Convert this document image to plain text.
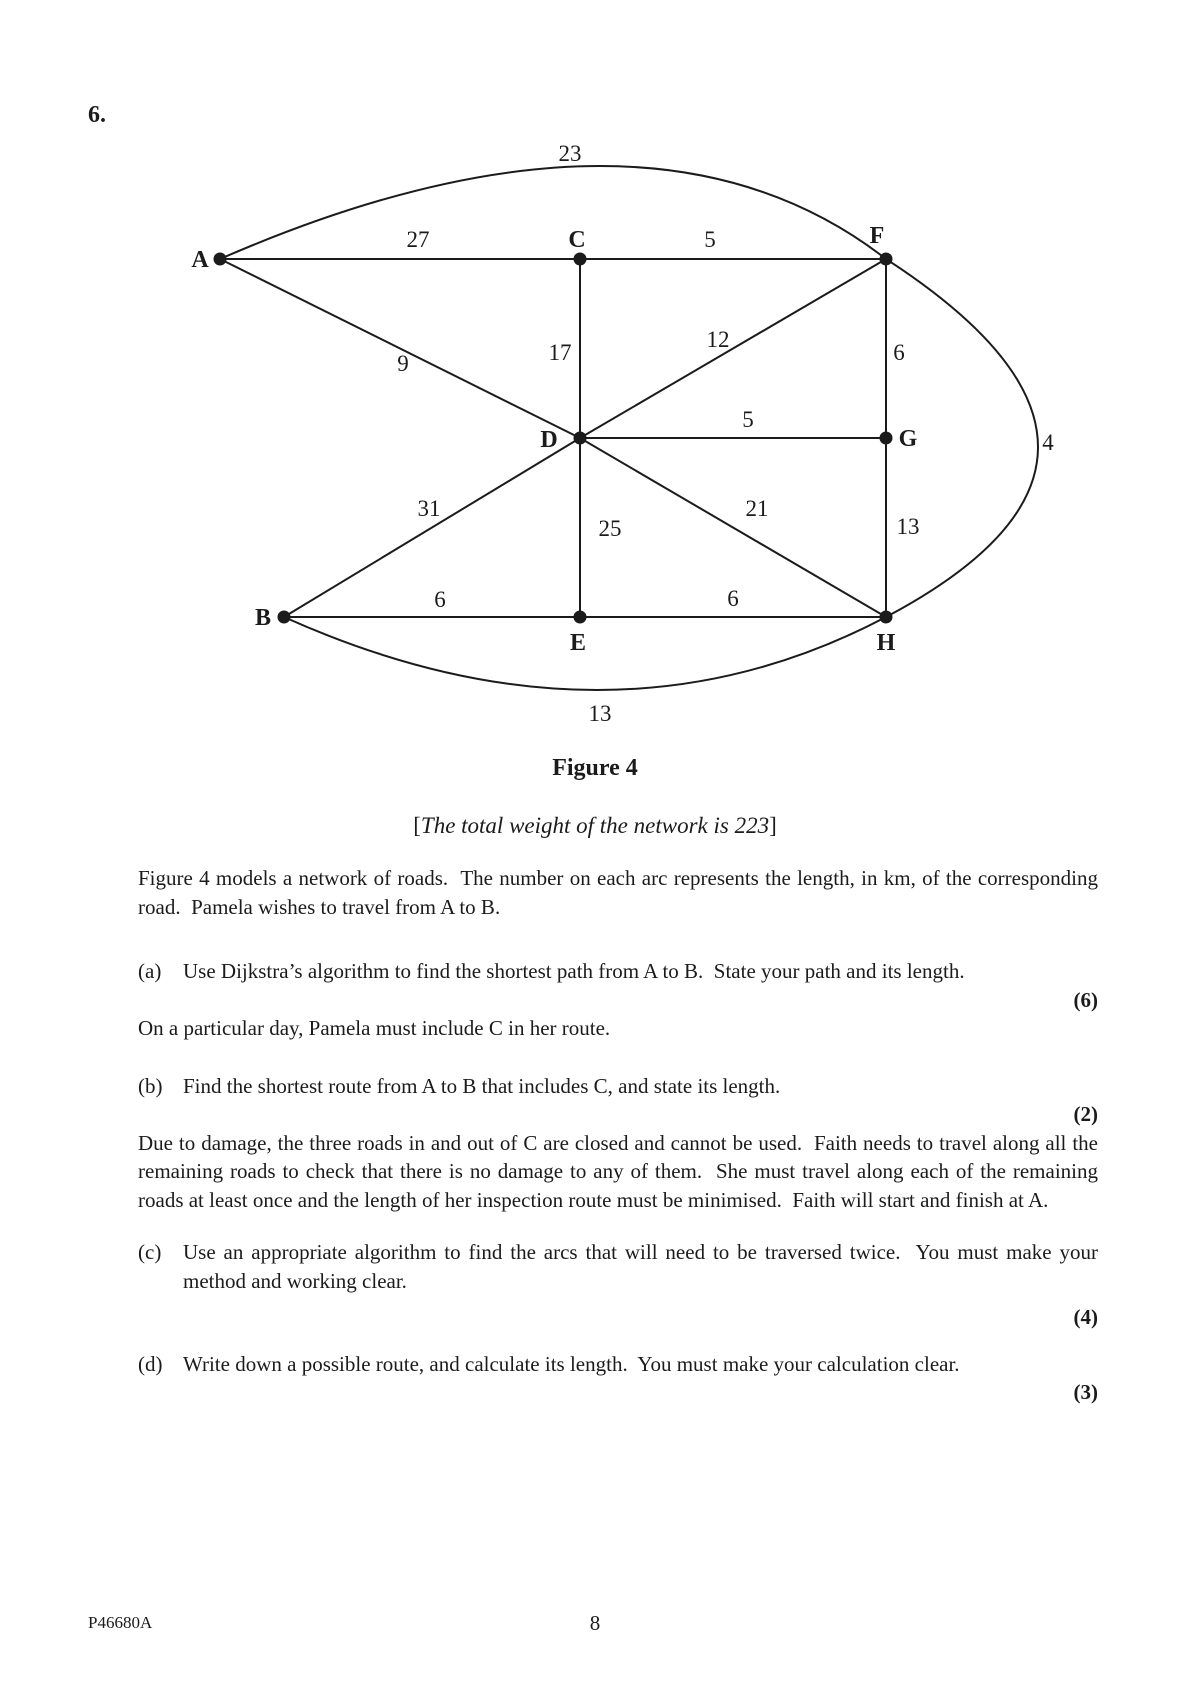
6.
27	5
23
9	17
12
6
5
4
31
25
21
13
6	6
13
A
B
C
D
E
F
G
H
Figure 4
[The total weight of the network is 223]

Figure 4 models a network of roads.  The number on each arc represents the length, in km, of the corresponding road.  Pamela wishes to travel from A to B.

(a)	Use Dijkstra’s algorithm to find the shortest path from A to B.  State your path and its length.
(6)

On a particular day, Pamela must include C in her route.

(b) Find the shortest route from A to B that includes C, and state its length.
(2)

Due to damage, the three roads in and out of C are closed and cannot be used.  Faith needs to travel along all the remaining roads to check that there is no damage to any of them.  She must travel along each of the remaining roads at least once and the length of her inspection route must be minimised.  Faith will start and finish at A.

(c)	Use an appropriate algorithm to find the arcs that will need to be traversed twice.  You must make your method and working clear.
(4)
(d) Write down a possible route, and calculate its length.  You must make your calculation clear.
(3)
P46680A	8
